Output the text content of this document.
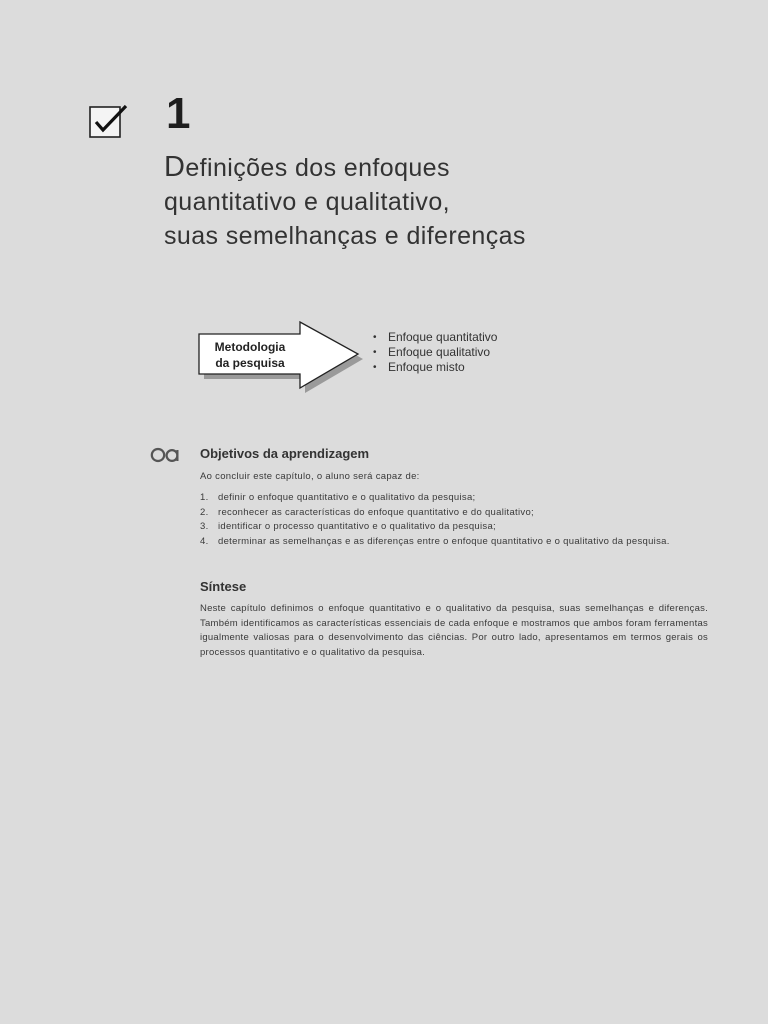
1
Definições dos enfoques
quantitativo e qualitativo,
suas semelhanças e diferenças
Metodologia
da pesquisa
• Enfoque quantitativo
• Enfoque qualitativo
• Enfoque misto
Objetivos da aprendizagem
Ao concluir este capítulo, o aluno será capaz de:
1. definir o enfoque quantitativo e o qualitativo da pesquisa;
2. reconhecer as características do enfoque quantitativo e do qualitativo;
3. identificar o processo quantitativo e o qualitativo da pesquisa;
4. determinar as semelhanças e as diferenças entre o enfoque quantitativo e o qualitativo da pesquisa.
Síntese

Neste capítulo definimos o enfoque quantitativo e o qualitativo da pesquisa, suas semelhanças e diferenças. Também identificamos as características essenciais de cada enfoque e mostramos que ambos foram ferramentas igualmente valiosas para o desenvolvimento das ciências. Por outro lado, apresentamos em termos gerais os processos quantitativo e o qualitativo da pesquisa.
